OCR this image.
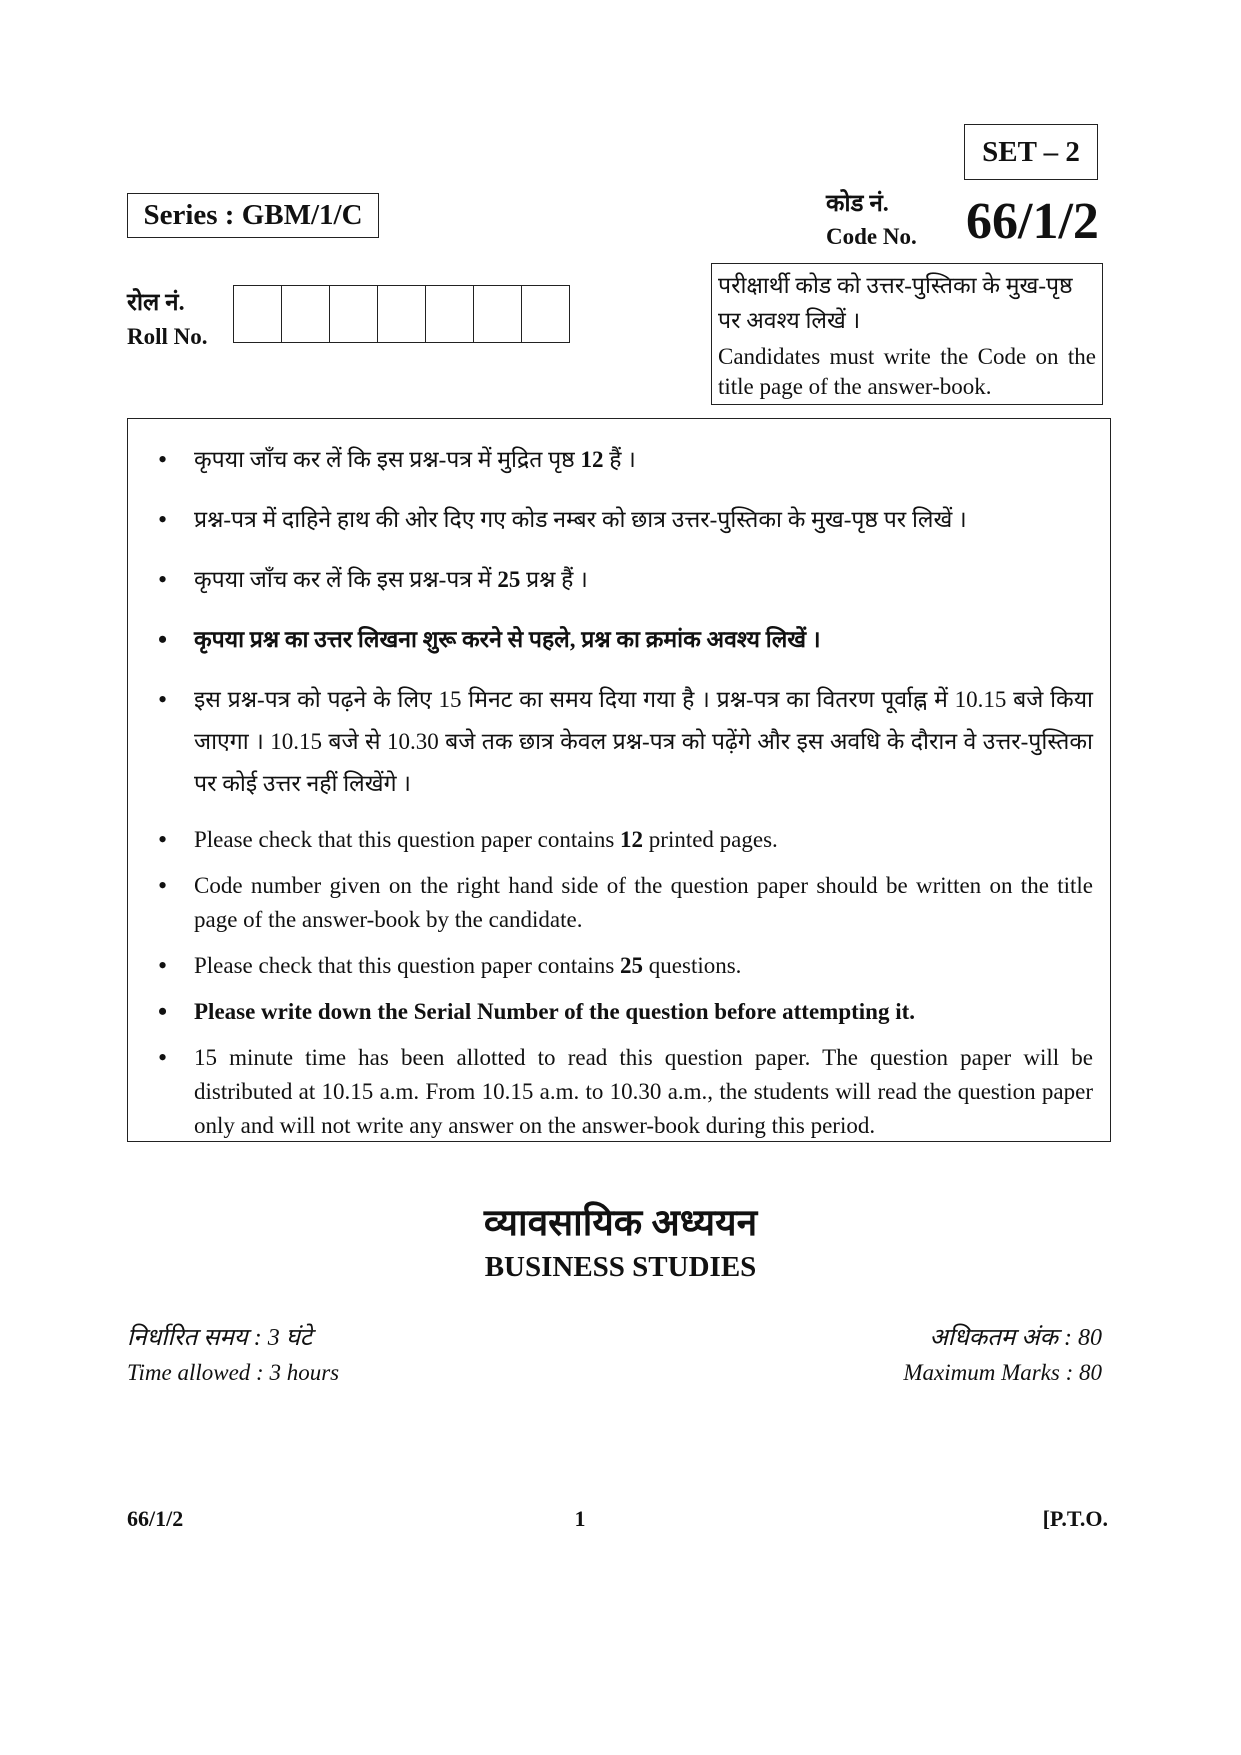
SET – 2
Series : GBM/1/C	कोड नं.
Code No. 66/1/2
रोल नं.
Roll No.
परीक्षार्थी कोड को उत्तर-पुस्तिका के मुख-पृष्ठ पर अवश्य लिखें ।
Candidates must write the Code on the title page of the answer-book.
• कृपया जाँच कर लें कि इस प्रश्न-पत्र में मुद्रित पृष्ठ 12 हैं ।
• प्रश्न-पत्र में दाहिने हाथ की ओर दिए गए कोड नम्बर को छात्र उत्तर-पुस्तिका के मुख-पृष्ठ पर लिखें ।
• कृपया जाँच कर लें कि इस प्रश्न-पत्र में 25 प्रश्न हैं ।
• कृपया प्रश्न का उत्तर लिखना शुरू करने से पहले, प्रश्न का क्रमांक अवश्य लिखें ।
• इस प्रश्न-पत्र को पढ़ने के लिए 15 मिनट का समय दिया गया है । प्रश्न-पत्र का वितरण पूर्वाह्न में 10.15 बजे किया जाएगा । 10.15 बजे से 10.30 बजे तक छात्र केवल प्रश्न-पत्र को पढ़ेंगे और इस अवधि के दौरान वे उत्तर-पुस्तिका पर कोई उत्तर नहीं लिखेंगे ।
• Please check that this question paper contains 12 printed pages.
• Code number given on the right hand side of the question paper should be written on the title page of the answer-book by the candidate.
• Please check that this question paper contains 25 questions.
• Please write down the Serial Number of the question before attempting it.
• 15 minute time has been allotted to read this question paper. The question paper will be distributed at 10.15 a.m. From 10.15 a.m. to 10.30 a.m., the students will read the question paper only and will not write any answer on the answer-book during this period.
व्यावसायिक अध्ययन
BUSINESS STUDIES
निर्धारित समय : 3 घंटे
Time allowed : 3 hours
अधिकतम अंक : 80
Maximum Marks : 80
66/1/2	1	[P.T.O.
